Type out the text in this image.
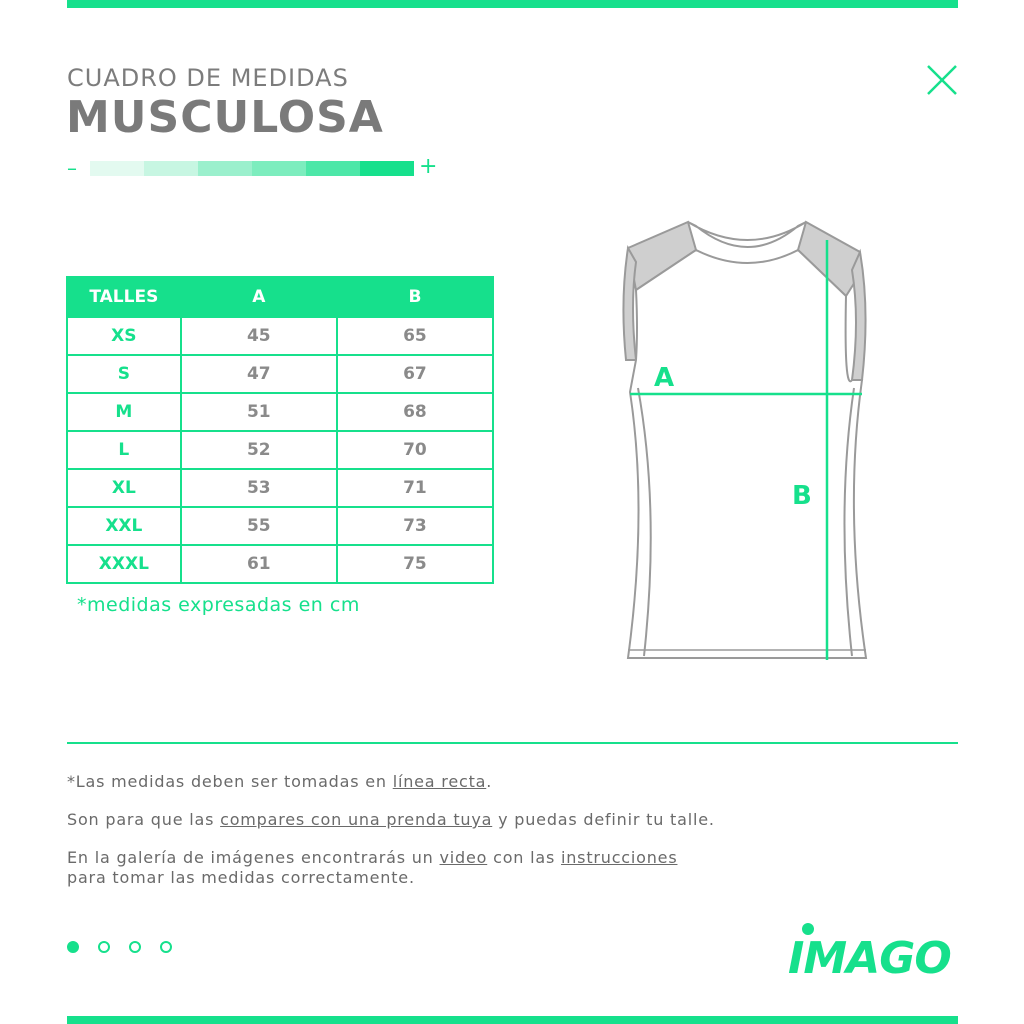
CUADRO DE MEDIDAS
MUSCULOSA
–	+
TALLES	A	B
XS	45	65
S	47	67
M	51	68
L	52	70
XL	53	71
XXL	55	73
XXXL	61	75
*medidas expresadas en cm
A
B

*Las medidas deben ser tomadas en línea recta.

Son para que las compares con una prenda tuya y puedas definir tu talle.

En la galería de imágenes encontrarás un video con las instrucciones
para tomar las medidas correctamente.

IMAGO
